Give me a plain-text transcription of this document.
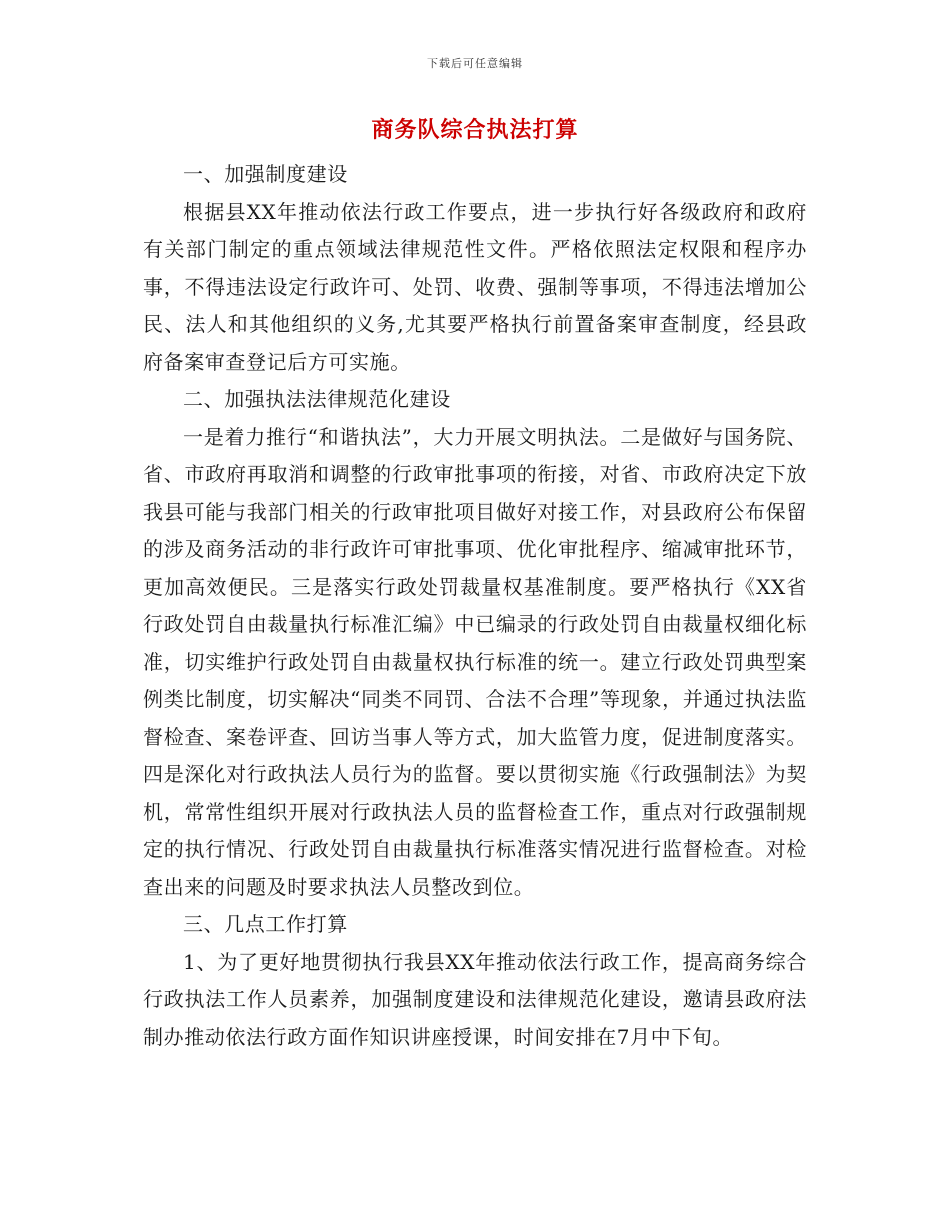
下载后可任意编辑
商务队综合执法打算

一、加强制度建设

根据县XX年推动依法行政工作要点，进一步执行好各级政府和政府有关部门制定的重点领域法律规范性文件。严格依照法定权限和程序办事，不得违法设定行政许可、处罚、收费、强制等事项，不得违法增加公民、法人和其他组织的义务,尤其要严格执行前置备案审查制度，经县政府备案审查登记后方可实施。

二、加强执法法律规范化建设

一是着力推行“和谐执法”，大力开展文明执法。二是做好与国务院、省、市政府再取消和调整的行政审批事项的衔接，对省、市政府决定下放我县可能与我部门相关的行政审批项目做好对接工作，对县政府公布保留的涉及商务活动的非行政许可审批事项、优化审批程序、缩减审批环节，更加高效便民。三是落实行政处罚裁量权基准制度。要严格执行《XX省行政处罚自由裁量执行标准汇编》中已编录的行政处罚自由裁量权细化标准，切实维护行政处罚自由裁量权执行标准的统一。建立行政处罚典型案例类比制度，切实解决“同类不同罚、合法不合理”等现象，并通过执法监督检查、案卷评查、回访当事人等方式，加大监管力度，促进制度落实。四是深化对行政执法人员行为的监督。要以贯彻实施《行政强制法》为契机，常常性组织开展对行政执法人员的监督检查工作，重点对行政强制规定的执行情况、行政处罚自由裁量执行标准落实情况进行监督检查。对检查出来的问题及时要求执法人员整改到位。

三、几点工作打算

1、为了更好地贯彻执行我县XX年推动依法行政工作，提高商务综合行政执法工作人员素养，加强制度建设和法律规范化建设，邀请县政府法制办推动依法行政方面作知识讲座授课，时间安排在7月中下旬。
